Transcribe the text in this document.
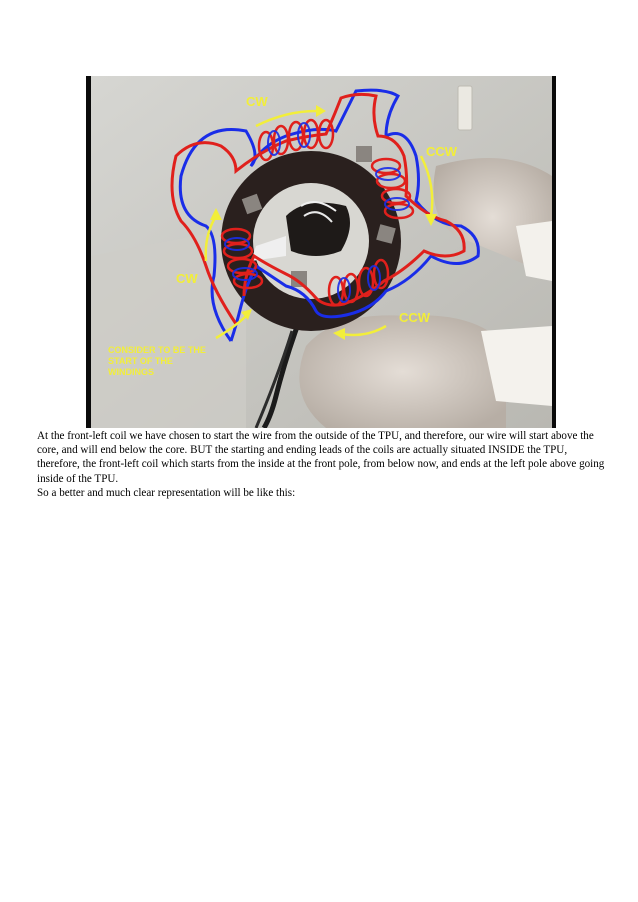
CW
CCW
CW
CCW
CONSIDER TO BE THE
START OF THE
WINDINGS

At the front-left coil we have chosen to start the wire from the outside of the TPU, and therefore, our wire will start above the core, and will end below the core. BUT the starting and ending leads of the coils are actually situated INSIDE the TPU, therefore, the front-left coil which starts from the inside at the front pole, from below now, and ends at the left pole above going inside of the TPU.

So a better and much clear representation will be like this:
